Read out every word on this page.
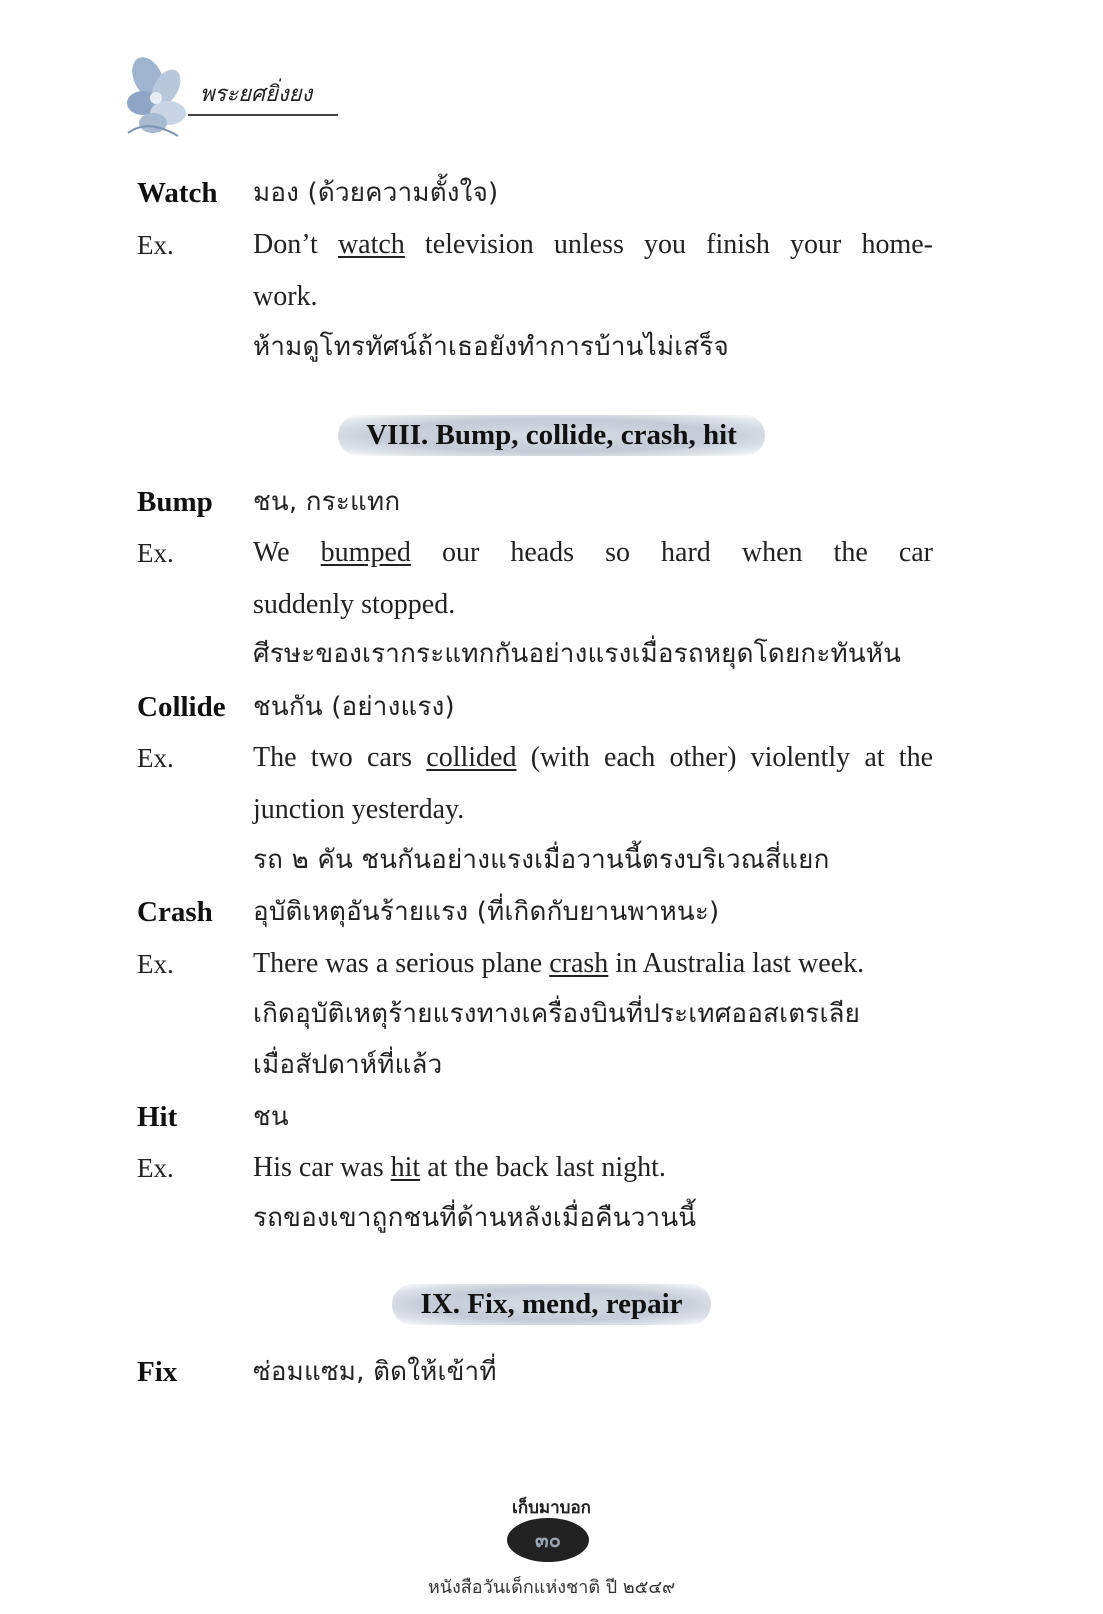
พระยศยิ่งยง
Watch	มอง (ด้วยความตั้งใจ)
Ex.	Don’t watch television unless you finish your home-
work.
ห้ามดูโทรทัศน์ถ้าเธอยังทำการบ้านไม่เสร็จ
VIII. Bump, collide, crash, hit
Bump	ชน, กระแทก
Ex.	We bumped our heads so hard when the car
suddenly stopped.
ศีรษะของเรากระแทกกันอย่างแรงเมื่อรถหยุดโดยกะทันหัน
Collide	ชนกัน (อย่างแรง)
Ex.	The two cars collided (with each other) violently at the
junction yesterday.
รถ ๒ คัน ชนกันอย่างแรงเมื่อวานนี้ตรงบริเวณสี่แยก
Crash	อุบัติเหตุอันร้ายแรง (ที่เกิดกับยานพาหนะ)
Ex.	There was a serious plane crash in Australia last week.
เกิดอุบัติเหตุร้ายแรงทางเครื่องบินที่ประเทศออสเตรเลีย
เมื่อสัปดาห์ที่แล้ว
Hit	ชน
Ex.	His car was hit at the back last night.
รถของเขาถูกชนที่ด้านหลังเมื่อคืนวานนี้
IX. Fix, mend, repair
Fix	ซ่อมแซม, ติดให้เข้าที่
เก็บมาบอก
๓๐
หนังสือวันเด็กแห่งชาติ ปี ๒๕๔๙
